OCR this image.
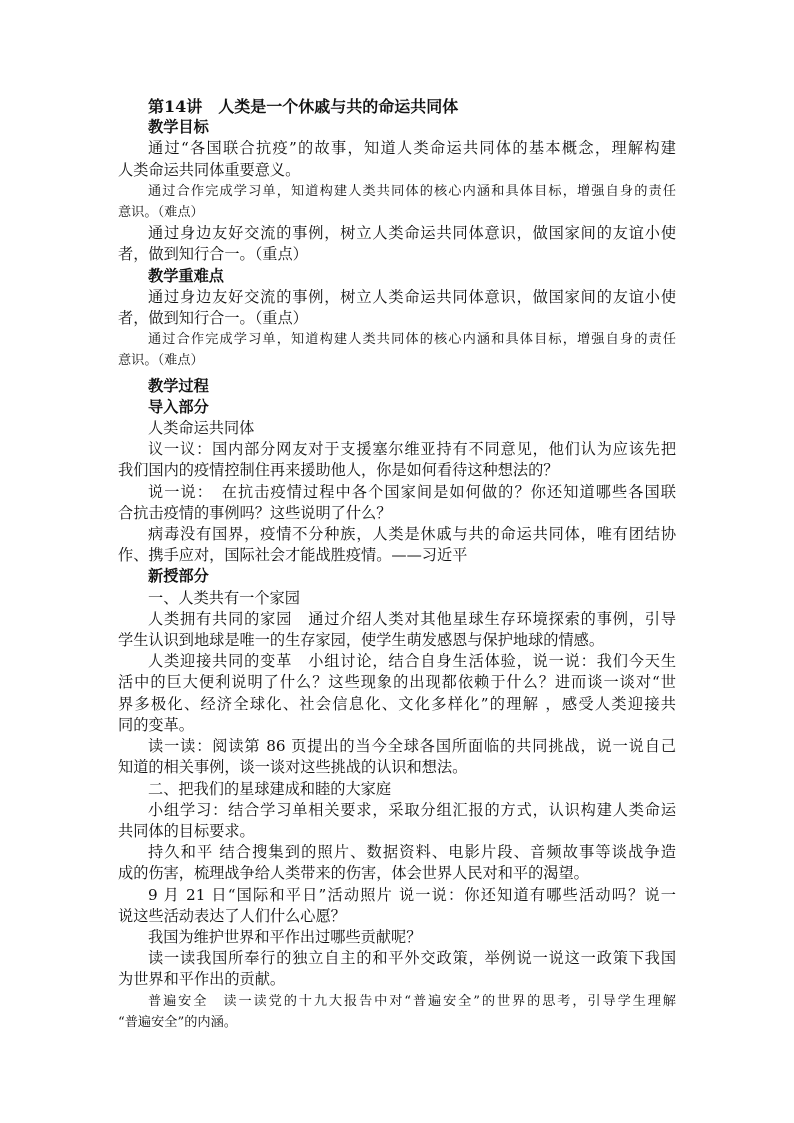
第14讲　人类是一个休戚与共的命运共同体
教学目标
通过“各国联合抗疫”的故事，知道人类命运共同体的基本概念，理解构建
人类命运共同体重要意义。
通过合作完成学习单，知道构建人类共同体的核心内涵和具体目标，增强自身的责任
意识。（难点）
通过身边友好交流的事例，树立人类命运共同体意识，做国家间的友谊小使
者，做到知行合一。（重点）
教学重难点
通过身边友好交流的事例，树立人类命运共同体意识，做国家间的友谊小使
者，做到知行合一。（重点）
通过合作完成学习单，知道构建人类共同体的核心内涵和具体目标，增强自身的责任
意识。（难点）
教学过程
导入部分
人类命运共同体
议一议：国内部分网友对于支援塞尔维亚持有不同意见，他们认为应该先把
我们国内的疫情控制住再来援助他人，你是如何看待这种想法的？
说一说：　在抗击疫情过程中各个国家间是如何做的？你还知道哪些各国联
合抗击疫情的事例吗？这些说明了什么？
病毒没有国界，疫情不分种族，人类是休戚与共的命运共同体，唯有团结协
作、携手应对，国际社会才能战胜疫情。——习近平
新授部分
一、人类共有一个家园
人类拥有共同的家园　通过介绍人类对其他星球生存环境探索的事例，引导
学生认识到地球是唯一的生存家园，使学生萌发感恩与保护地球的情感。
人类迎接共同的变革　小组讨论，结合自身生活体验，说一说：我们今天生
活中的巨大便利说明了什么？这些现象的出现都依赖于什么？进而谈一谈对“世
界多极化、经济全球化、社会信息化、文化多样化”的理解 ，感受人类迎接共
同的变革。
读一读：阅读第 86 页提出的当今全球各国所面临的共同挑战，说一说自己
知道的相关事例，谈一谈对这些挑战的认识和想法。
二、把我们的星球建成和睦的大家庭
小组学习：结合学习单相关要求，采取分组汇报的方式，认识构建人类命运
共同体的目标要求。
持久和平 结合搜集到的照片、数据资料、电影片段、音频故事等谈战争造
成的伤害，梳理战争给人类带来的伤害，体会世界人民对和平的渴望。
9 月 21 日“国际和平日”活动照片 说一说：你还知道有哪些活动吗？说一
说这些活动表达了人们什么心愿？
我国为维护世界和平作出过哪些贡献呢？
读一读我国所奉行的独立自主的和平外交政策，举例说一说这一政策下我国
为世界和平作出的贡献。
普遍安全　读一读党的十九大报告中对“普遍安全”的世界的思考，引导学生理解
“普遍安全”的内涵。
